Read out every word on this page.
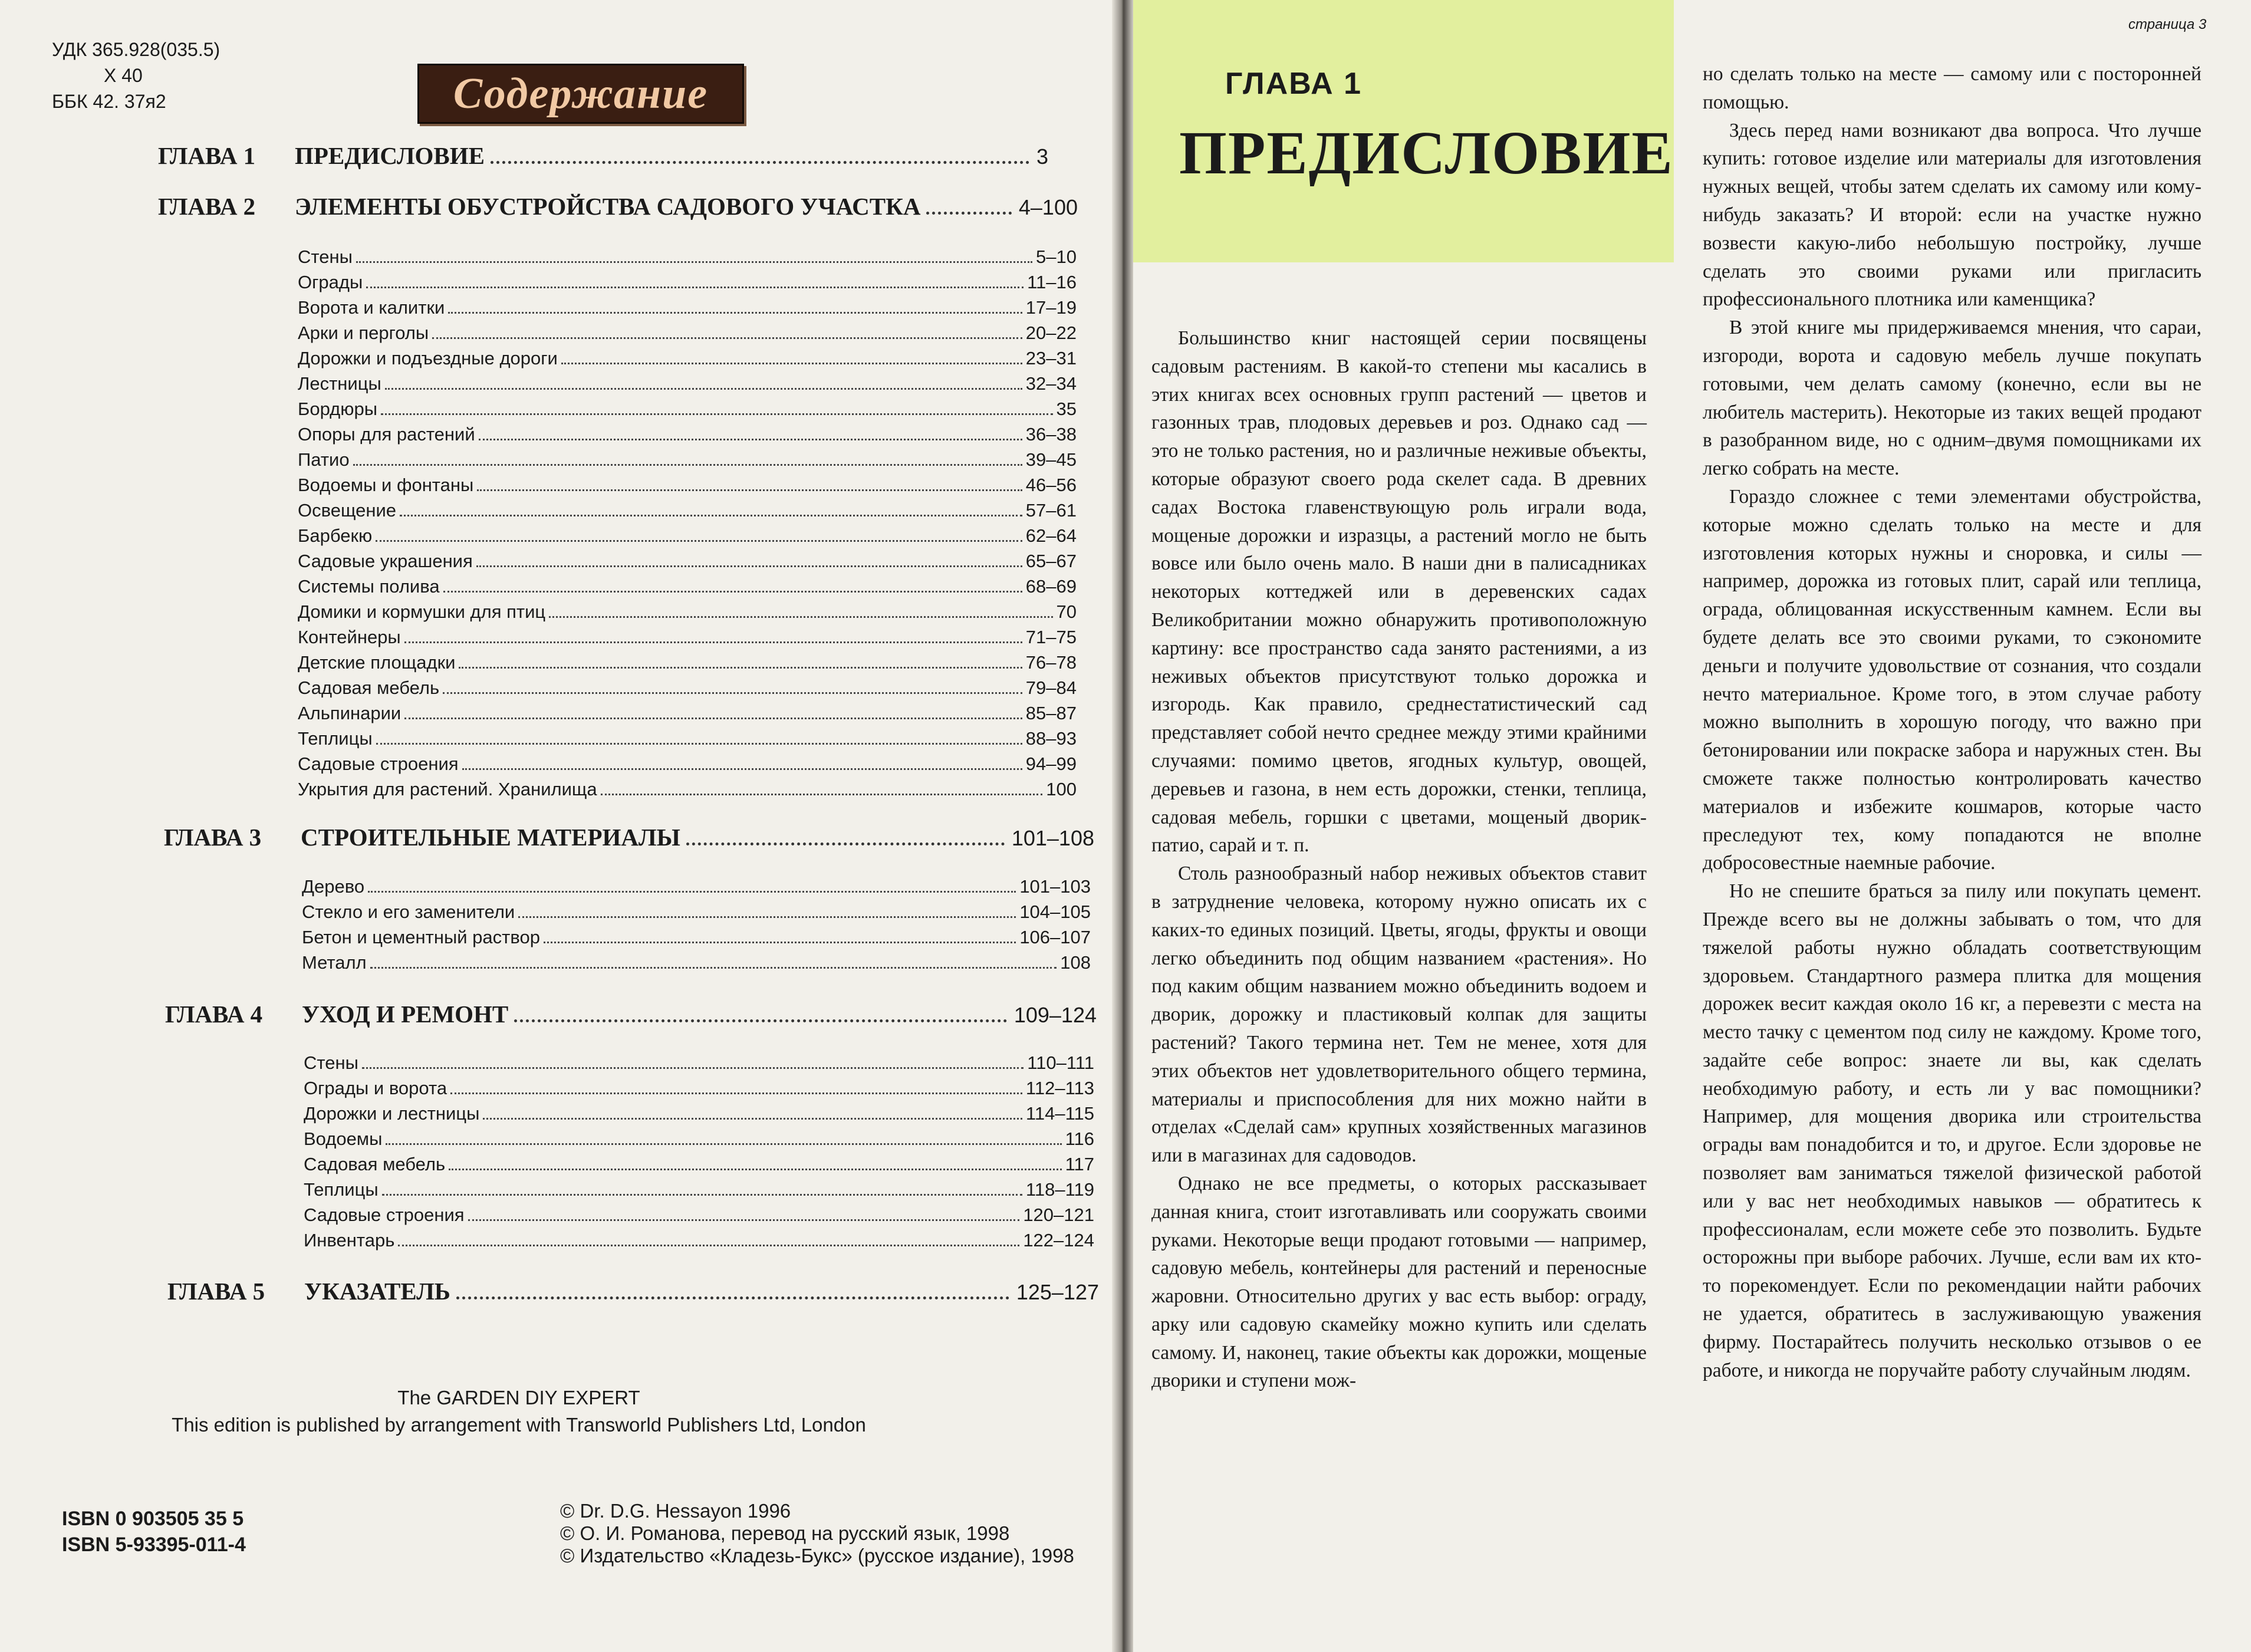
УДК 365.928(035.5)
Х 40
ББК 42. 37я2	Содержание
ГЛАВА 1	ПРЕДИСЛОВИЕ	3
ГЛАВА 2	ЭЛЕМЕНТЫ ОБУСТРОЙСТВА САДОВОГО УЧАСТКА	4–100
Стены	5–10
Ограды	11–16
Ворота и калитки	17–19
Арки и перголы	20–22
Дорожки и подъездные дороги	23–31
Лестницы	32–34
Бордюры	35
Опоры для растений	36–38
Патио	39–45
Водоемы и фонтаны	46–56
Освещение	57–61
Барбекю	62–64
Садовые украшения	65–67
Системы полива	68–69
Домики и кормушки для птиц	70
Контейнеры	71–75
Детские площадки	76–78
Садовая мебель	79–84
Альпинарии	85–87
Теплицы	88–93
Садовые строения	94–99
Укрытия для растений. Хранилища	100
ГЛАВА 3	СТРОИТЕЛЬНЫЕ МАТЕРИАЛЫ	101–108
Дерево	101–103
Стекло и его заменители	104–105
Бетон и цементный раствор	106–107
Металл	108
ГЛАВА 4	УХОД И РЕМОНТ	109–124
Стены	110–111
Ограды и ворота	112–113
Дорожки и лестницы	114–115
Водоемы	116
Садовая мебель	117
Теплицы	118–119
Садовые строения	120–121
Инвентарь	122–124
ГЛАВА 5	УКАЗАТЕЛЬ	125–127
The GARDEN DIY EXPERT
This edition is published by arrangement with Transworld Publishers Ltd, London
ISBN 0 903505 35 5
ISBN 5-93395-011-4
© Dr. D.G. Hessayon 1996
© О. И. Романова, перевод на русский язык, 1998
© Издательство «Кладезь-Букс» (русское издание), 1998
ГЛАВА 1
ПРЕДИСЛОВИЕ
страница 3

Большинство книг настоящей серии посвящены садовым растениям. В какой-то степени мы касались в этих книгах всех основных групп растений — цветов и газонных трав, плодовых деревьев и роз. Однако сад — это не только растения, но и различные неживые объекты, которые образуют своего рода скелет сада. В древних садах Востока главенствующую роль играли вода, мощеные дорожки и изразцы, а растений могло не быть вовсе или было очень мало. В наши дни в палисадниках некоторых коттеджей или в деревенских садах Великобритании можно обнаружить противоположную картину: все пространство сада занято растениями, а из неживых объектов присутствуют только дорожка и изгородь. Как правило, среднестатистический сад представляет собой нечто среднее между этими крайними случаями: помимо цветов, ягодных культур, овощей, деревьев и газона, в нем есть дорожки, стенки, теплица, садовая мебель, горшки с цветами, мощеный дворик-патио, сарай и т. п.

Столь разнообразный набор неживых объектов ставит в затруднение человека, которому нужно описать их с каких-то единых позиций. Цветы, ягоды, фрукты и овощи легко объединить под общим названием «растения». Но под каким общим названием можно объединить водоем и дворик, дорожку и пластиковый колпак для защиты растений? Такого термина нет. Тем не менее, хотя для этих объектов нет удовлетворительного общего термина, материалы и приспособления для них можно найти в отделах «Сделай сам» крупных хозяйственных магазинов или в магазинах для садоводов.

Однако не все предметы, о которых рассказывает данная книга, стоит изготавливать или сооружать своими руками. Некоторые вещи продают готовыми — например, садовую мебель, контейнеры для растений и переносные жаровни. Относительно других у вас есть выбор: ограду, арку или садовую скамейку можно купить или сделать самому. И, наконец, такие объекты как дорожки, мощеные дворики и ступени мож-

но сделать только на месте — самому или с посторонней помощью.

Здесь перед нами возникают два вопроса. Что лучше купить: готовое изделие или материалы для изготовления нужных вещей, чтобы затем сделать их самому или кому-нибудь заказать? И второй: если на участке нужно возвести какую-либо небольшую постройку, лучше сделать это своими руками или пригласить профессионального плотника или каменщика?

В этой книге мы придерживаемся мнения, что сараи, изгороди, ворота и садовую мебель лучше покупать готовыми, чем делать самому (конечно, если вы не любитель мастерить). Некоторые из таких вещей продают в разобранном виде, но с одним–двумя помощниками их легко собрать на месте.

Гораздо сложнее с теми элементами обустройства, которые можно сделать только на месте и для изготовления которых нужны и сноровка, и силы — например, дорожка из готовых плит, сарай или теплица, ограда, облицованная искусственным камнем. Если вы будете делать все это своими руками, то сэкономите деньги и получите удовольствие от сознания, что создали нечто материальное. Кроме того, в этом случае работу можно выполнить в хорошую погоду, что важно при бетонировании или покраске забора и наружных стен. Вы сможете также полностью контролировать качество материалов и избежите кошмаров, которые часто преследуют тех, кому попадаются не вполне добросовестные наемные рабочие.

Но не спешите браться за пилу или покупать цемент. Прежде всего вы не должны забывать о том, что для тяжелой работы нужно обладать соответствующим здоровьем. Стандартного размера плитка для мощения дорожек весит каждая около 16 кг, а перевезти с места на место тачку с цементом под силу не каждому. Кроме того, задайте себе вопрос: знаете ли вы, как сделать необходимую работу, и есть ли у вас помощники? Например, для мощения дворика или строительства ограды вам понадобится и то, и другое. Если здоровье не позволяет вам заниматься тяжелой физической работой или у вас нет необходимых навыков — обратитесь к профессионалам, если можете себе это позволить. Будьте осторожны при выборе рабочих. Лучше, если вам их кто-то порекомендует. Если по рекомендации найти рабочих не удается, обратитесь в заслуживающую уважения фирму. Постарайтесь получить несколько отзывов о ее работе, и никогда не поручайте работу случайным людям.
